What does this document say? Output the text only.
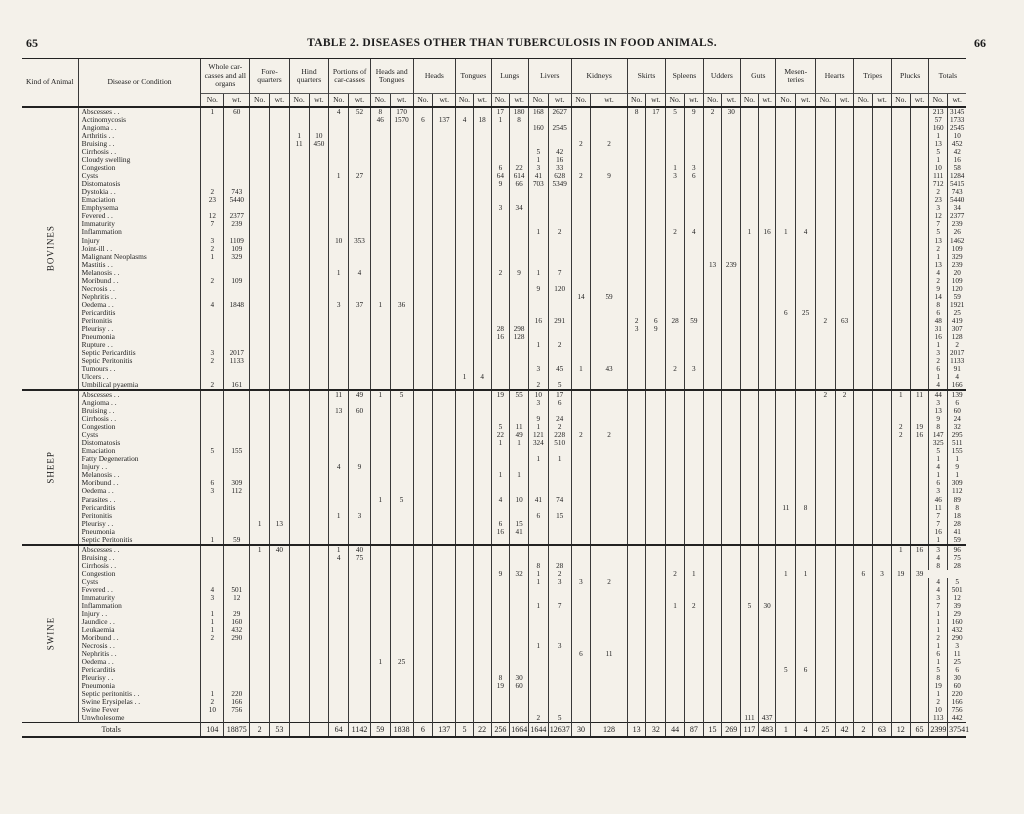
65	TABLE 2. DISEASES OTHER THAN TUBERCULOSIS IN FOOD ANIMALS.	66
Kind of Animal	Disease or Condition	Whole car-casses and all organs		Fore-quarters		Hind quarters		Portions of car-casses		Heads and Tongues		Heads		Tongues		Lungs		Livers		Kidneys		Skirts		Spleens		Udders		Guts		Mesen-teries		Hearts		Tripes		Plucks		Totals	
		No.	wt.	No.	wt.	No.	wt.	No.	wt.	No.	wt.	No.	wt.	No.	wt.	No.	wt.	No.	wt.	No.	wt.	No.	wt.	No.	wt.	No.	wt.	No.	wt.	No.	wt.	No.	wt.	No.	wt.	No.	wt.	No.	wt.
BOVINES	Abscesses . .	1	60					4	52	8	170					17	180	168	2627			8	17	5	9	2	30											213	3145
	Actinomycosis									46	1570	6	137	4	18	1	8																					57	1733
	Angioma . .																	160	2545																			160	2545
	Arthritis . .					1	10																															1	10
	Bruising . .					11	450													2	2																	13	452
	Cirrhosis . .																	5	42																			5	42
	Cloudy swelling																	1	16																			1	16
	Congestion															6	22	3	33					1	3													10	58
	Cysts							1	27							64	614	41	628	2	9			3	6													111	1284
	Distomatosis															9	66	703	5349																			712	5415
	Dystokia . .	2	743																																			2	743
	Emaciation	23	5440																																			23	5440
	Emphysema															3	34																					3	34
	Fevered . .	12	2377																																			12	2377
	Immaturity	7	239																																			7	239
	Inflammation																	1	2					2	4			1	16	1	4							5	26
	Injury	3	1109					10	353																													13	1462
	Joint-ill . .	2	109																																			2	109
	Malignant Neoplasms	1	329																																			1	329
	Mastitis . .																									13	239											13	239
	Melanosis . .							1	4							2	9	1	7																			4	20
	Moribund . .	2	109																																			2	109
	Necrosis . .																	9	120																			9	120
	Nephritis . .																			14	59																	14	59
	Oedema . .	4	1848					3	37	1	36																											8	1921
	Pericarditis																													6	25							6	25
	Peritonitis																	16	291			2	6	28	59							2	63					48	419
	Pleurisy . .															28	298					3	9															31	307
	Pneumonia															16	128																					16	128
	Rupture . .																	1	2																			1	2
	Septic Pericarditis	3	2017																																			3	2017
	Septic Peritonitis	2	1133																																			2	1133
	Tumours . .																	3	45	1	43			2	3													6	91
	Ulcers . .													1	4																							1	4
	Umbilical pyaemia	2	161															2	5																			4	166
SHEEP	Abscesses . .							11	49	1	5					19	55	10	17													2	2			1	11	44	139
	Angioma . .																	3	6																			3	6
	Bruising . .							13	60																													13	60
	Cirrhosis . .																	9	24																			9	24
	Congestion															5	11	1	2																	2	19	8	32
	Cysts															22	49	121	228	2	2															2	16	147	295
	Distomatosis															1	1	324	510																			325	511
	Emaciation	5	155																																			5	155
	Fatty Degeneration																	1	1																			1	1
	Injury . .							4	9																													4	9
	Melanosis . .															1	1																					1	1
	Moribund . .	6	309																																			6	309
	Oedema . .	3	112																																			3	112
	Parasites . .									1	5					4	10	41	74																			46	89
	Pericarditis																													11	8							11	8
	Peritonitis							1	3									6	15																			7	18
	Pleurisy . .			1	13											6	15																					7	28
	Pneumonia															16	41																					16	41
	Septic Peritonitis	1	59																																			1	59
SWINE	Abscesses . .			1	40			1	40																											1	16	3	96
	Bruising . .							4	75																													4	75
	Cirrhosis . .																	8	28																			8	28
	Congestion															9	32	1	2					2	1					1	1			6	3	19	39		
	Cysts																	1	3	3	2																	4	5
	Fevered . .	4	501																																			4	501
	Immaturity	3	12																																			3	12
	Inflammation																	1	7					1	2			5	30									7	39
	Injury . .	1	29																																			1	29
	Jaundice . .	1	160																																			1	160
	Leukaemia	1	432																																			1	432
	Moribund . .	2	290																																			2	290
	Necrosis . .																	1	3																			1	3
	Nephritis . .																			6	11																	6	11
	Oedema . .									1	25																											1	25
	Pericarditis																													5	6							5	6
	Pleurisy . .															8	30																					8	30
	Pneumonia															19	60																					19	60
	Septic peritonitis . .	1	220																																			1	220
	Swine Erysipelas . .	2	166																																			2	166
	Swine Fever	10	756																																			10	756
	Unwholesome																	2	5									111	437									113	442
Totals		104	18875	2	53			64	1142	59	1838	6	137	5	22	256	1664	1644	12637	30	128	13	32	44	87	15	269	117	483	1	4	25	42	2	63	12	65	2399	37541
